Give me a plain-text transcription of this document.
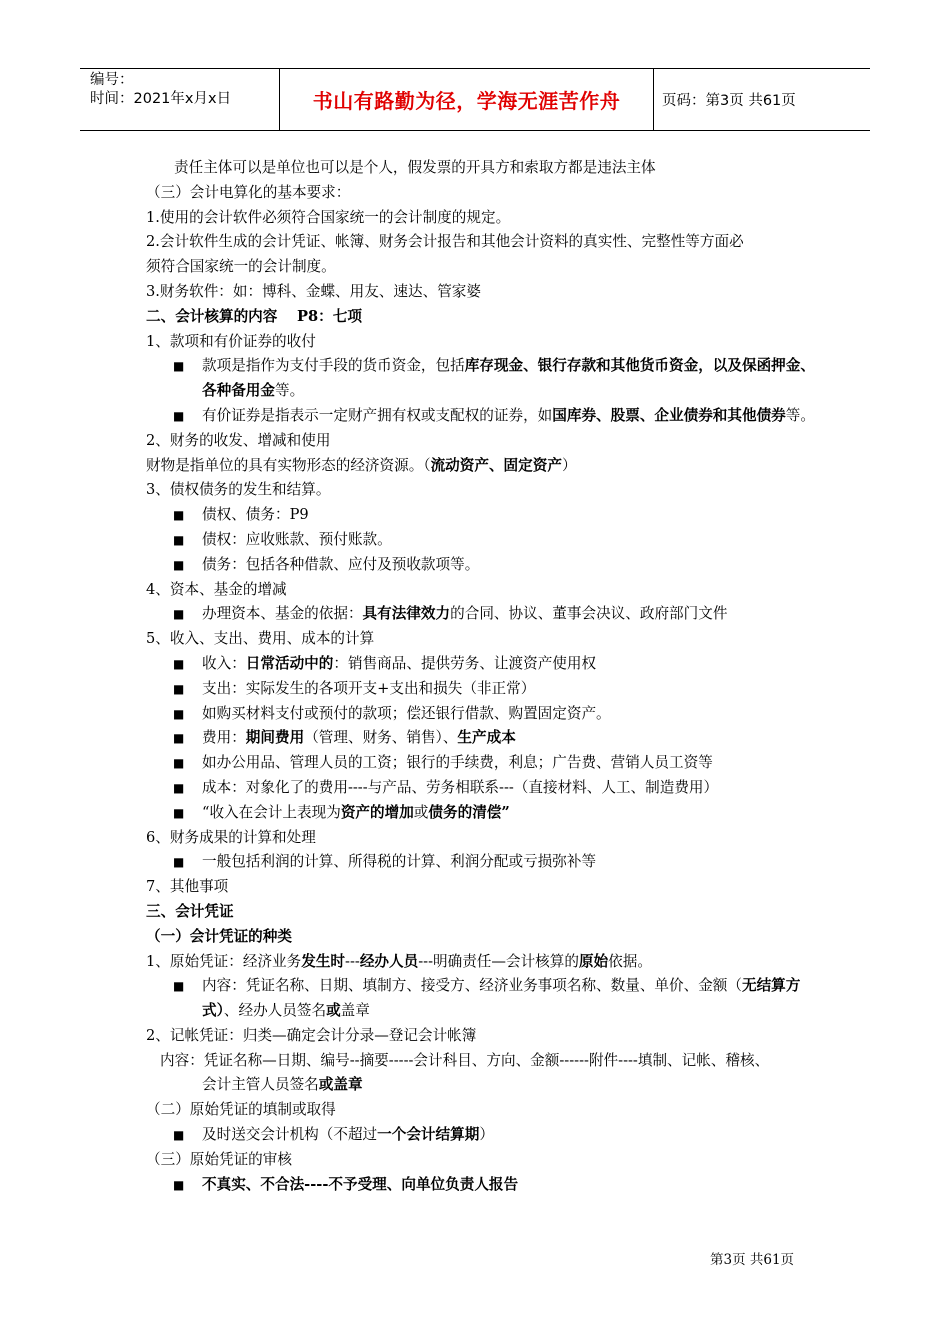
编号：
时间：2021年x月x日	书山有路勤为径，学海无涯苦作舟	页码：第3页 共61页
责任主体可以是单位也可以是个人，假发票的开具方和索取方都是违法主体
（三）会计电算化的基本要求：
1.使用的会计软件必须符合国家统一的会计制度的规定。
2.会计软件生成的会计凭证、帐簿、财务会计报告和其他会计资料的真实性、完整性等方面必
须符合国家统一的会计制度。
3.财务软件：如：博科、金蝶、用友、速达、管家婆
二、会计核算的内容　 P8：七项
1、款项和有价证券的收付
■ 款项是指作为支付手段的货币资金，包括库存现金、银行存款和其他货币资金，以及保函押金、各种备用金等。
■ 有价证券是指表示一定财产拥有权或支配权的证券，如国库券、股票、企业债券和其他债券等。
2、财务的收发、增减和使用
财物是指单位的具有实物形态的经济资源。（流动资产、固定资产）
3、债权债务的发生和结算。
■ 债权、债务：P9
■ 债权：应收账款、预付账款。
■ 债务：包括各种借款、应付及预收款项等。
4、资本、基金的增减
■ 办理资本、基金的依据：具有法律效力的合同、协议、董事会决议、政府部门文件
5、收入、支出、费用、成本的计算
■ 收入：日常活动中的：销售商品、提供劳务、让渡资产使用权
■ 支出：实际发生的各项开支+支出和损失（非正常）
■ 如购买材料支付或预付的款项；偿还银行借款、购置固定资产。
■ 费用：期间费用（管理、财务、销售）、生产成本
■ 如办公用品、管理人员的工资；银行的手续费，利息；广告费、营销人员工资等
■ 成本：对象化了的费用----与产品、劳务相联系---（直接材料、人工、制造费用）
■ “收入在会计上表现为资产的增加或债务的清偿”
6、财务成果的计算和处理
■ 一般包括利润的计算、所得税的计算、利润分配或亏损弥补等
7、其他事项
三、会计凭证
（一）会计凭证的种类
1、原始凭证：经济业务发生时---经办人员---明确责任—会计核算的原始依据。
■ 内容：凭证名称、日期、填制方、接受方、经济业务事项名称、数量、单价、金额（无结算方式）、经办人员签名或盖章
2、记帐凭证：归类—确定会计分录—登记会计帐簿
内容：凭证名称—日期、编号--摘要-----会计科目、方向、金额------附件----填制、记帐、稽核、
会计主管人员签名或盖章
（二）原始凭证的填制或取得
■ 及时送交会计机构（不超过一个会计结算期）
（三）原始凭证的审核
■ 不真实、不合法----不予受理、向单位负责人报告
第3页 共61页
